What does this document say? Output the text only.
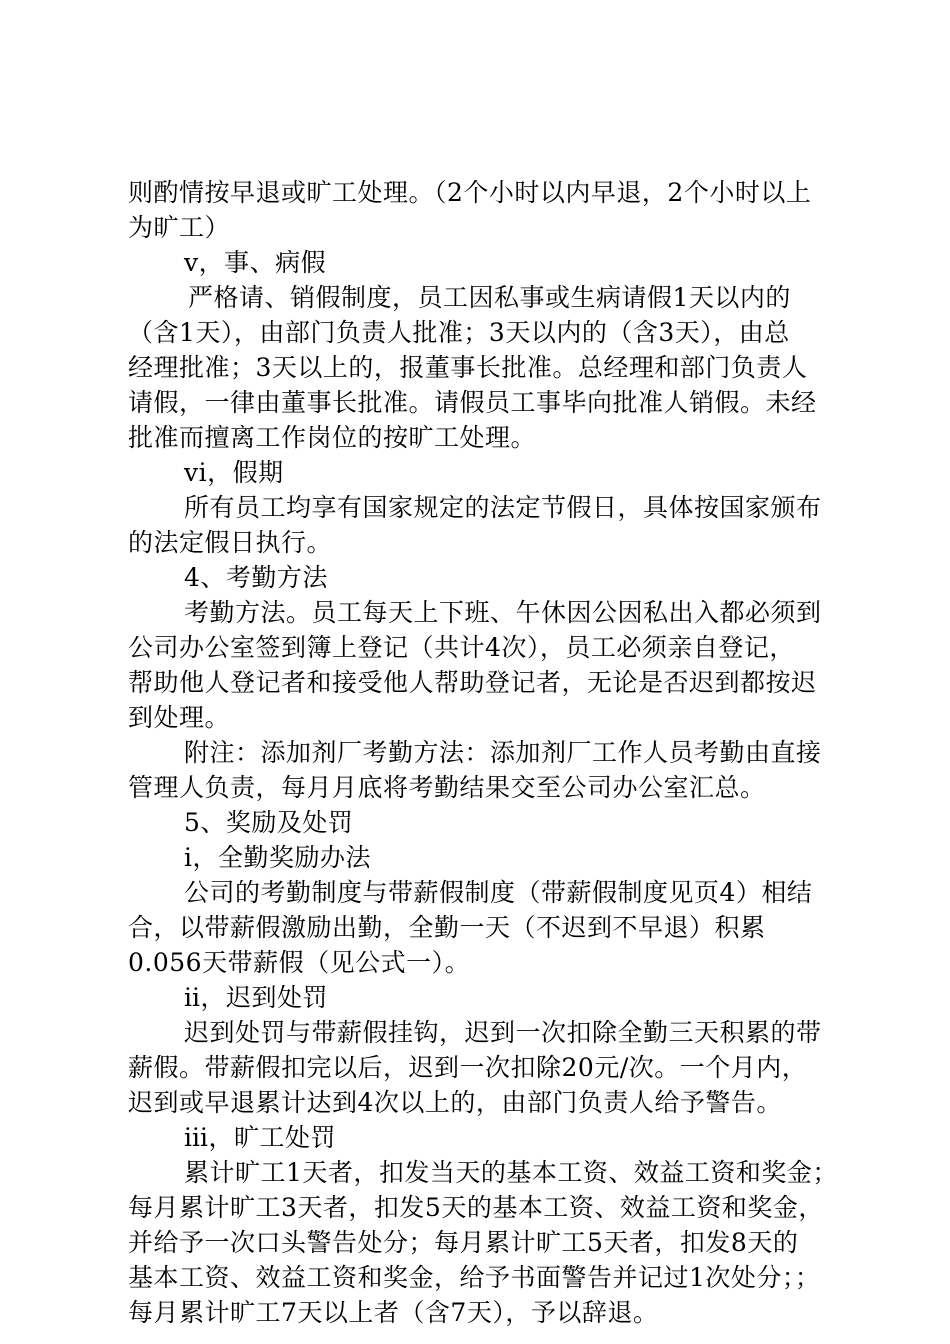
则酌情按早退或旷工处理。（2个小时以内早退，2个小时以上
为旷工）
v，事、病假
严格请、销假制度，员工因私事或生病请假1天以内的
（含1天），由部门负责人批准；3天以内的（含3天），由总
经理批准；3天以上的，报董事长批准。总经理和部门负责人
请假，一律由董事长批准。请假员工事毕向批准人销假。未经
批准而擅离工作岗位的按旷工处理。
vi，假期
所有员工均享有国家规定的法定节假日，具体按国家颁布
的法定假日执行。
4、考勤方法
考勤方法。员工每天上下班、午休因公因私出入都必须到
公司办公室签到簿上登记（共计4次），员工必须亲自登记，
帮助他人登记者和接受他人帮助登记者，无论是否迟到都按迟
到处理。
附注：添加剂厂考勤方法：添加剂厂工作人员考勤由直接
管理人负责，每月月底将考勤结果交至公司办公室汇总。
5、奖励及处罚
ⅰ，全勤奖励办法
公司的考勤制度与带薪假制度（带薪假制度见页4）相结
合，以带薪假激励出勤，全勤一天（不迟到不早退）积累
0.056天带薪假（见公式一）。
ⅱ，迟到处罚
迟到处罚与带薪假挂钩，迟到一次扣除全勤三天积累的带
薪假。带薪假扣完以后，迟到一次扣除20元/次。一个月内，
迟到或早退累计达到4次以上的，由部门负责人给予警告。
ⅲ，旷工处罚
累计旷工1天者，扣发当天的基本工资、效益工资和奖金；
每月累计旷工3天者，扣发5天的基本工资、效益工资和奖金，
并给予一次口头警告处分；每月累计旷工5天者，扣发8天的
基本工资、效益工资和奖金，给予书面警告并记过1次处分；；
每月累计旷工7天以上者（含7天），予以辞退。
